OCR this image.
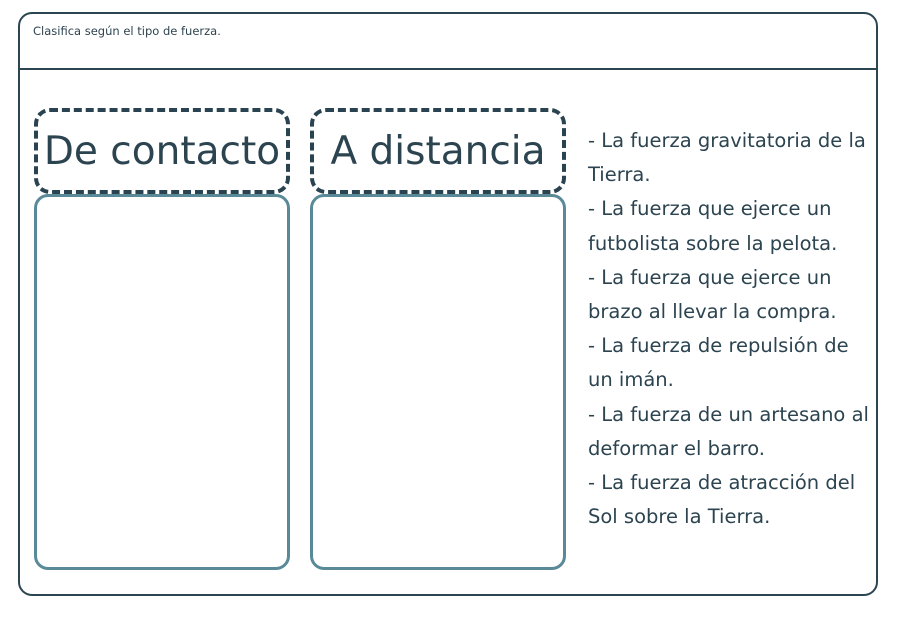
Clasifica según el tipo de fuerza.
De contacto	A distancia	- La fuerza gravitatoria de la Tierra.
- La fuerza que ejerce un futbolista sobre la pelota.
- La fuerza que ejerce un brazo al llevar la compra.
- La fuerza de repulsión de un imán.
- La fuerza de un artesano al deformar el barro.
- La fuerza de atracción del Sol sobre la Tierra.
